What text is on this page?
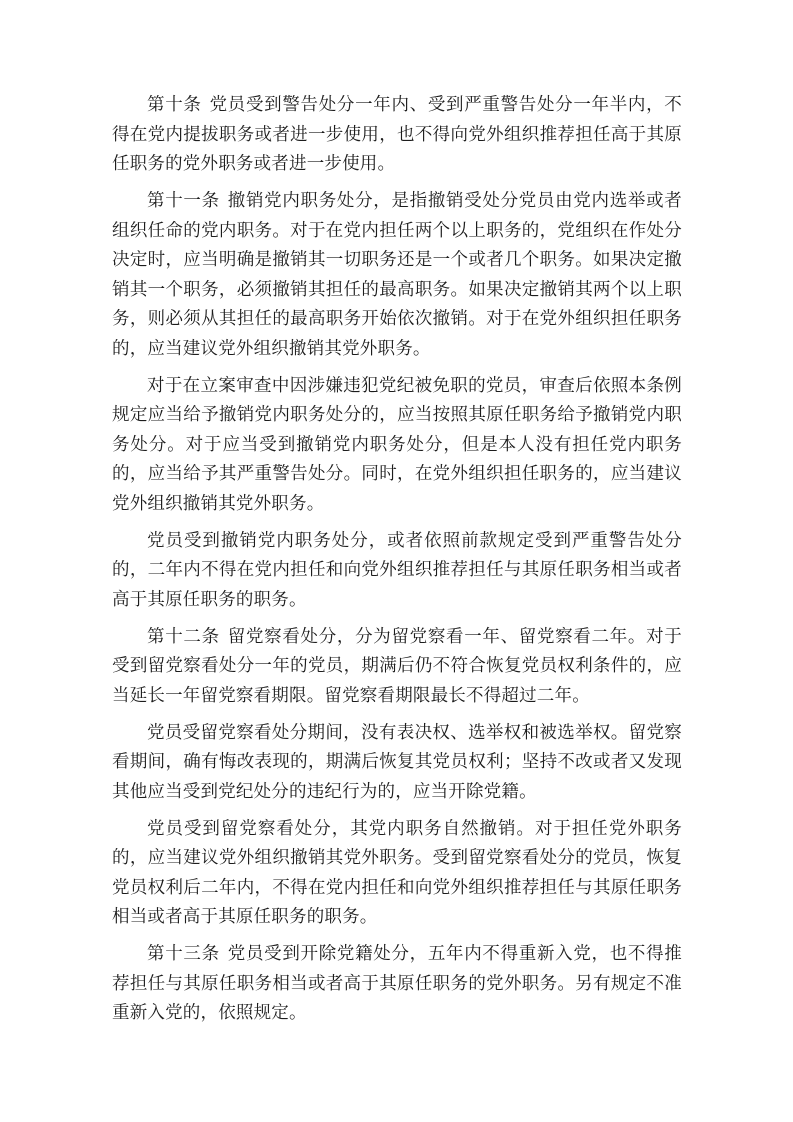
第十条 党员受到警告处分一年内、受到严重警告处分一年半内，不得在党内提拔职务或者进一步使用，也不得向党外组织推荐担任高于其原任职务的党外职务或者进一步使用。

第十一条 撤销党内职务处分，是指撤销受处分党员由党内选举或者组织任命的党内职务。对于在党内担任两个以上职务的，党组织在作处分决定时，应当明确是撤销其一切职务还是一个或者几个职务。如果决定撤销其一个职务，必须撤销其担任的最高职务。如果决定撤销其两个以上职务，则必须从其担任的最高职务开始依次撤销。对于在党外组织担任职务的，应当建议党外组织撤销其党外职务。

对于在立案审查中因涉嫌违犯党纪被免职的党员，审查后依照本条例规定应当给予撤销党内职务处分的，应当按照其原任职务给予撤销党内职务处分。对于应当受到撤销党内职务处分，但是本人没有担任党内职务的，应当给予其严重警告处分。同时，在党外组织担任职务的，应当建议党外组织撤销其党外职务。

党员受到撤销党内职务处分，或者依照前款规定受到严重警告处分的，二年内不得在党内担任和向党外组织推荐担任与其原任职务相当或者高于其原任职务的职务。

第十二条 留党察看处分，分为留党察看一年、留党察看二年。对于受到留党察看处分一年的党员，期满后仍不符合恢复党员权利条件的，应当延长一年留党察看期限。留党察看期限最长不得超过二年。

党员受留党察看处分期间，没有表决权、选举权和被选举权。留党察看期间，确有悔改表现的，期满后恢复其党员权利；坚持不改或者又发现其他应当受到党纪处分的违纪行为的，应当开除党籍。

党员受到留党察看处分，其党内职务自然撤销。对于担任党外职务的，应当建议党外组织撤销其党外职务。受到留党察看处分的党员，恢复党员权利后二年内，不得在党内担任和向党外组织推荐担任与其原任职务相当或者高于其原任职务的职务。

第十三条 党员受到开除党籍处分，五年内不得重新入党，也不得推荐担任与其原任职务相当或者高于其原任职务的党外职务。另有规定不准重新入党的，依照规定。
